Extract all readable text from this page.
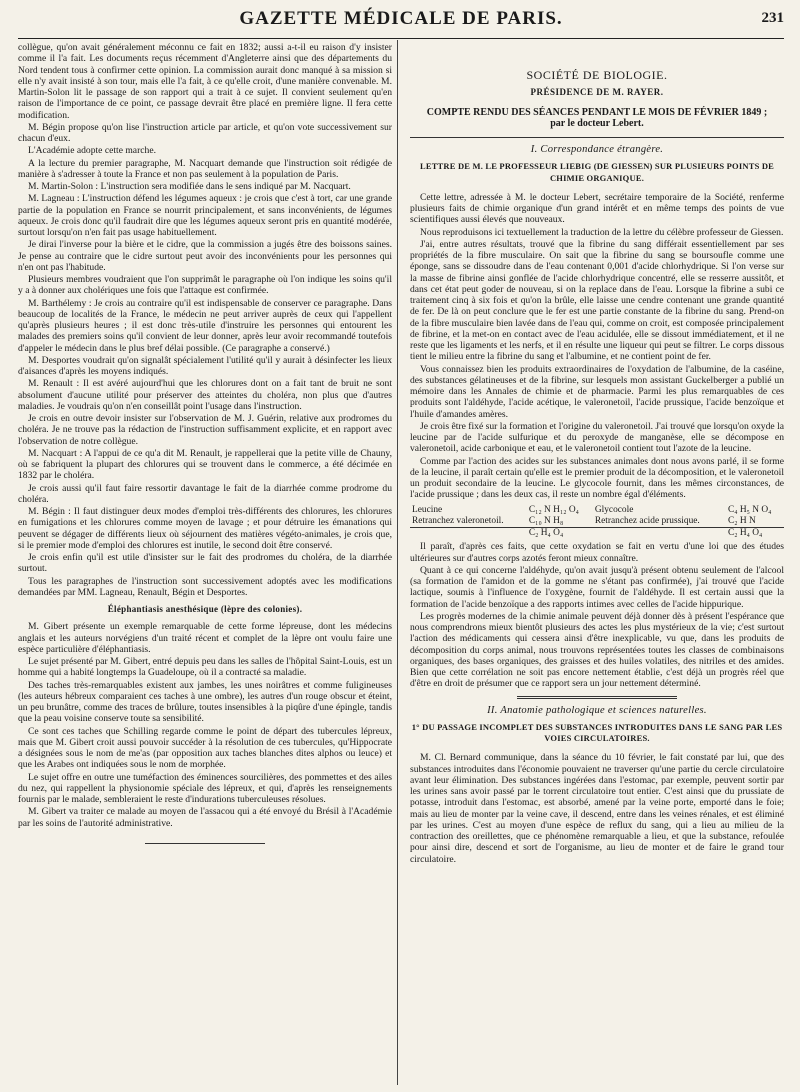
GAZETTE MÉDICALE DE PARIS.	231

collègue, qu'on avait généralement méconnu ce fait en 1832; aussi a-t-il eu raison d'y insister comme il l'a fait. Les documents reçus récemment d'Angleterre ainsi que des départements du Nord tendent tous à confirmer cette opinion. La commission aurait donc manqué à sa mission si elle n'y avait insisté à son tour, mais elle l'a fait, à ce qu'elle croit, d'une manière convenable. M. Martin-Solon lit le passage de son rapport qui a trait à ce sujet. Il convient seulement qu'en raison de l'importance de ce point, ce passage devrait être placé en première ligne. Il fera cette modification.

M. Bégin propose qu'on lise l'instruction article par article, et qu'on vote successivement sur chacun d'eux.

L'Académie adopte cette marche.

A la lecture du premier paragraphe, M. Nacquart demande que l'instruction soit rédigée de manière à s'adresser à toute la France et non pas seulement à la population de Paris.

M. Martin-Solon : L'instruction sera modifiée dans le sens indiqué par M. Nacquart.

M. Lagneau : L'instruction défend les légumes aqueux : je crois que c'est à tort, car une grande partie de la population en France se nourrit principalement, et sans inconvénients, de légumes aqueux. Je crois donc qu'il faudrait dire que les légumes aqueux seront pris en quantité modérée, surtout lorsqu'on n'en fait pas usage habituellement.

Je dirai l'inverse pour la bière et le cidre, que la commission a jugés être des boissons saines. Je pense au contraire que le cidre surtout peut avoir des inconvénients pour les personnes qui n'en ont pas l'habitude.

Plusieurs membres voudraient que l'on supprimât le paragraphe où l'on indique les soins qu'il y a à donner aux cholériques une fois que l'attaque est confirmée.

M. Barthélemy : Je crois au contraire qu'il est indispensable de conserver ce paragraphe. Dans beaucoup de localités de la France, le médecin ne peut arriver auprès de ceux qui l'appellent qu'après plusieurs heures ; il est donc très-utile d'instruire les personnes qui entourent les malades des premiers soins qu'il convient de leur donner, après leur avoir recommandé toutefois d'appeler le médecin dans le plus bref délai possible. (Ce paragraphe a conservé.)

M. Desportes voudrait qu'on signalât spécialement l'utilité qu'il y aurait à désinfecter les lieux d'aisances d'après les moyens indiqués.

M. Renault : Il est avéré aujourd'hui que les chlorures dont on a fait tant de bruit ne sont absolument d'aucune utilité pour préserver des atteintes du choléra, non plus que d'autres maladies. Je voudrais qu'on n'en conseillât point l'usage dans l'instruction.

Je crois en outre devoir insister sur l'observation de M. J. Guérin, relative aux prodromes du choléra. Je ne trouve pas la rédaction de l'instruction suffisamment explicite, et en rapport avec l'observation de notre collègue.

M. Nacquart : A l'appui de ce qu'a dit M. Renault, je rappellerai que la petite ville de Chauny, où se fabriquent la plupart des chlorures qui se trouvent dans le commerce, a été décimée en 1832 par le choléra.

Je crois aussi qu'il faut faire ressortir davantage le fait de la diarrhée comme prodrome du choléra.

M. Bégin : Il faut distinguer deux modes d'emploi très-différents des chlorures, les chlorures en fumigations et les chlorures comme moyen de lavage ; et pour détruire les émanations qui peuvent se dégager de différents lieux où séjournent des matières végéto-animales, je crois que, si le premier mode d'emploi des chlorures est inutile, le second doit être conservé.

Je crois enfin qu'il est utile d'insister sur le fait des prodromes du choléra, de la diarrhée surtout.

Tous les paragraphes de l'instruction sont successivement adoptés avec les modifications demandées par MM. Lagneau, Renault, Bégin et Desportes.

Éléphantiasis anesthésique (lèpre des colonies).

M. Gibert présente un exemple remarquable de cette forme lépreuse, dont les médecins anglais et les auteurs norvégiens d'un traité récent et complet de la lèpre ont voulu faire une espèce particulière d'éléphantiasis.

Le sujet présenté par M. Gibert, entré depuis peu dans les salles de l'hôpital Saint-Louis, est un homme qui a habité longtemps la Guadeloupe, où il a contracté sa maladie.

Des taches très-remarquables existent aux jambes, les unes noirâtres et comme fuligineuses (les auteurs hébreux comparaient ces taches à une ombre), les autres d'un rouge obscur et éteint, un peu brunâtre, comme des traces de brûlure, toutes insensibles à la piqûre d'une épingle, tandis que la peau voisine conserve toute sa sensibilité.

Ce sont ces taches que Schilling regarde comme le point de départ des tubercules lépreux, mais que M. Gibert croit aussi pouvoir succéder à la résolution de ces tubercules, qu'Hippocrate a désignées sous le nom de me'as (par opposition aux taches blanches dites alphos ou leuce) et que les Arabes ont indiquées sous le nom de morphée.

Le sujet offre en outre une tuméfaction des éminences sourcilières, des pommettes et des ailes du nez, qui rappellent la physionomie spéciale des lépreux, et qui, d'après les renseignements fournis par le malade, sembleraient le reste d'indurations tuberculeuses résolues.

M. Gibert va traiter ce malade au moyen de l'assacou qui a été envoyé du Brésil à l'Académie par les soins de l'autorité administrative.

SOCIÉTÉ DE BIOLOGIE.
PRÉSIDENCE DE M. RAYER.
COMPTE RENDU DES SÉANCES PENDANT LE MOIS DE FÉVRIER 1849 ;
par le docteur Lebert.
I. Correspondance étrangère.
LETTRE DE M. LE PROFESSEUR LIEBIG (DE GIESSEN) SUR PLUSIEURS POINTS DE CHIMIE ORGANIQUE.

Cette lettre, adressée à M. le docteur Lebert, secrétaire temporaire de la Société, renferme plusieurs faits de chimie organique d'un grand intérêt et en même temps des points de vue scientifiques aussi élevés que nouveaux.

Nous reproduisons ici textuellement la traduction de la lettre du célèbre professeur de Giessen.

J'ai, entre autres résultats, trouvé que la fibrine du sang différait essentiellement par ses propriétés de la fibre musculaire. On sait que la fibrine du sang se boursoufle comme une éponge, sans se dissoudre dans de l'eau contenant 0,001 d'acide chlorhydrique. Si l'on verse sur la masse de fibrine ainsi gonflée de l'acide chlorhydrique concentré, elle se resserre aussitôt, et dans cet état peut goder de nouveau, si on la replace dans de l'eau. Lorsque la fibrine a subi ce traitement cinq à six fois et qu'on la brûle, elle laisse une cendre contenant une grande quantité de fer. De là on peut conclure que le fer est une partie constante de la fibrine du sang. Prend-on de la fibre musculaire bien lavée dans de l'eau qui, comme on croit, est composée principalement de fibrine, et la met-on en contact avec de l'eau acidulée, elle se dissout immédiatement, et il ne reste que les ligaments et les nerfs, et il en résulte une liqueur qui peut se filtrer. Le corps dissous tient le milieu entre la fibrine du sang et l'albumine, et ne contient point de fer.

Vous connaissez bien les produits extraordinaires de l'oxydation de l'albumine, de la caséine, des substances gélatineuses et de la fibrine, sur lesquels mon assistant Guckelberger a publié un mémoire dans les Annales de chimie et de pharmacie. Parmi les plus remarquables de ces produits sont l'aldéhyde, l'acide acétique, le valeronetoil, l'acide prussique, l'acide benzoïque et l'huile d'amandes amères.

Je crois être fixé sur la formation et l'origine du valeronetoil. J'ai trouvé que lorsqu'on oxyde la leucine par de l'acide sulfurique et du peroxyde de manganèse, elle se décompose en valeronetoil, acide carbonique et eau, et le valeronetoil contient tout l'azote de la leucine.

Comme par l'action des acides sur les substances animales dont nous avons parlé, il se forme de la leucine, il paraît certain qu'elle est le premier produit de la décomposition, et le valeronetoil un produit secondaire de la leucine. Le glycocole fournit, dans les mêmes circonstances, de l'acide prussique ; dans les deux cas, il reste un nombre égal d'éléments.

Leucine	C₁₂ N H₁₂ O₄	Glycocole	C₄ H₅ N O₄
Retranchez valeronetoil.	C₁₀ N H₈	Retranchez acide prussique.	C₂ H N
	C₂ H₄ O₄		C₂ H₄ O₄

Il paraît, d'après ces faits, que cette oxydation se fait en vertu d'une loi que des études ultérieures sur d'autres corps azotés feront mieux connaître.

Quant à ce qui concerne l'aldéhyde, qu'on avait jusqu'à présent obtenu seulement de l'alcool (sa formation de l'amidon et de la gomme ne s'étant pas confirmée), j'ai trouvé que l'acide lactique, soumis à l'influence de l'oxygène, fournit de l'aldéhyde. Il est certain aussi que la formation de l'acide benzoïque a des rapports intimes avec celles de l'acide hippurique.

Les progrès modernes de la chimie animale peuvent déjà donner dès à présent l'espérance que nous comprendrons mieux bientôt plusieurs des actes les plus mystérieux de la vie; c'est surtout l'action des médicaments qui cessera ainsi d'être inexplicable, vu que, dans les produits de décomposition du corps animal, nous trouvons représentées toutes les classes de combinaisons organiques, des bases organiques, des graisses et des huiles volatiles, des nitriles et des amides. Bien que cette corrélation ne soit pas encore nettement établie, c'est déjà un progrès réel que d'être en droit de présumer que ce rapport sera un jour nettement déterminé.

II. Anatomie pathologique et sciences naturelles.
1° DU PASSAGE INCOMPLET DES SUBSTANCES INTRODUITES DANS LE SANG PAR LES VOIES CIRCULATOIRES.

M. Cl. Bernard communique, dans la séance du 10 février, le fait constaté par lui, que des substances introduites dans l'économie pouvaient ne traverser qu'une partie du cercle circulatoire avant leur élimination. Des substances ingérées dans l'estomac, par exemple, peuvent sortir par les urines sans avoir passé par le torrent circulatoire tout entier. C'est ainsi que du prussiate de potasse, introduit dans l'estomac, est absorbé, amené par la veine porte, emporté dans le foie; mais au lieu de monter par la veine cave, il descend, entre dans les veines rénales, et est éliminé par les urines. C'est au moyen d'une espèce de reflux du sang, qui a lieu au milieu de la contraction des oreillettes, que ce phénomène remarquable a lieu, et que la substance, refoulée pour ainsi dire, descend et sort de l'organisme, au lieu de monter et de faire le grand tour circulatoire.
